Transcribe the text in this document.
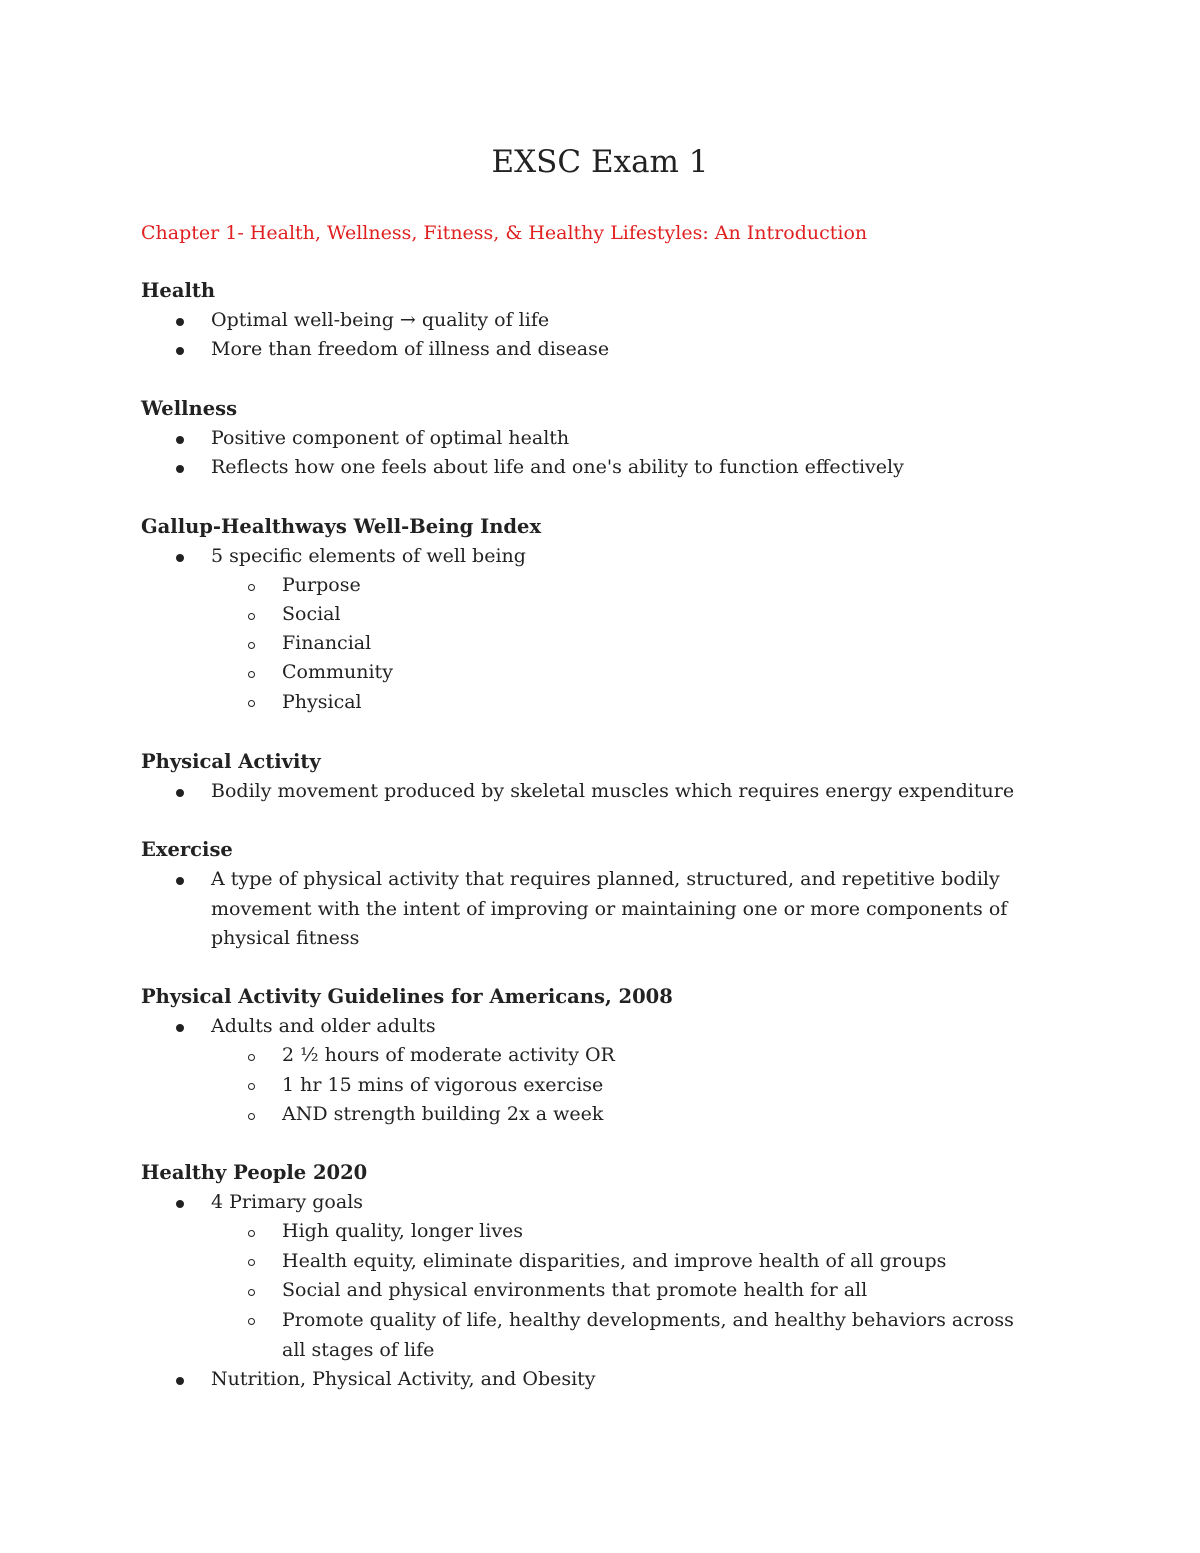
EXSC Exam 1
Chapter 1- Health, Wellness, Fitness, & Healthy Lifestyles: An Introduction
Health
Optimal well-being → quality of life
More than freedom of illness and disease
Wellness
Positive component of optimal health
Reflects how one feels about life and one's ability to function effectively
Gallup-Healthways Well-Being Index
5 specific elements of well being
Purpose
Social
Financial
Community
Physical
Physical Activity
Bodily movement produced by skeletal muscles which requires energy expenditure
Exercise
A type of physical activity that requires planned, structured, and repetitive bodily movement with the intent of improving or maintaining one or more components of physical fitness
Physical Activity Guidelines for Americans, 2008
Adults and older adults
2 ½ hours of moderate activity OR
1 hr 15 mins of vigorous exercise
AND strength building 2x a week
Healthy People 2020
4 Primary goals
High quality, longer lives
Health equity, eliminate disparities, and improve health of all groups
Social and physical environments that promote health for all
Promote quality of life, healthy developments, and healthy behaviors across all stages of life
Nutrition, Physical Activity, and Obesity
